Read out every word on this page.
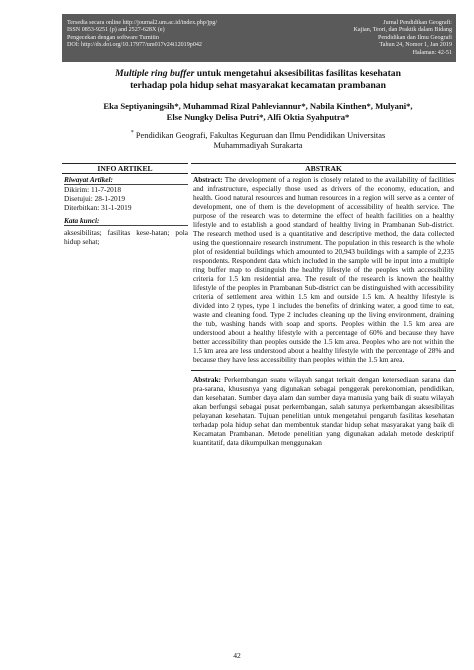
Tersedia secara online http://journal2.um.ac.id/index.php/jpg/
ISSN 0853-9251 (p) and 2527-628X (e)
Pengecekan dengan software Turnitin
DOI: http://dx.doi.org/10.17977/um017v24i12019p042
Jurnal Pendidikan Geografi:
Kajian, Teori, dan Praktik dalam Bidang
Pendidikan dan Ilmu Geografi
Tahun 24, Nomor 1, Jan 2019
Halaman: 42-51
Multiple ring buffer untuk mengetahui aksesibilitas fasilitas kesehatan
terhadap pola hidup sehat masyarakat kecamatan prambanan
Eka Septiyaningsih*, Muhammad Rizal Pahleviannur*, Nabila Kinthen*, Mulyani*,
Else Nungky Delisa Putri*, Alfi Oktia Syahputra*
* Pendidikan Geografi, Fakultas Keguruan dan Ilmu Pendidikan Universitas
Muhammadiyah Surakarta
INFO ARTIKEL
Riwayat Artikel:
Dikirim: 11-7-2018
Disetujui: 28-1-2019
Diterbitkan: 31-1-2019
Kata kunci:
aksesibilitas; fasilitas kese-hatan; pola hidup sehat;
ABSTRAK
Abstract: The development of a region is closely related to the availability of facilities and infrastructure, especially those used as drivers of the economy, education, and health. Good natural resources and human resources in a region will serve as a center of development, one of them is the development of accessibility of health service. The purpose of the research was to determine the effect of health facilities on a healthy lifestyle and to establish a good standard of healthy living in Prambanan Sub-district. The research method used is a quantitative and descriptive method, the data collected using the questionnaire research instrument. The population in this research is the whole plot of residential buildings which amounted to 20,943 buildings with a sample of 2,235 respondents. Respondent data which included in the sample will be input into a multiple ring buffer map to distinguish the healthy lifestyle of the peoples with accessibility criteria for 1.5 km residential area. The result of the research is known the healthy lifestyle of the peoples in Prambanan Sub-district can be distinguished with accessibility criteria of settlement area within 1.5 km and outside 1.5 km. A healthy lifestyle is divided into 2 types, type 1 includes the benefits of drinking water, a good time to eat, waste and cleaning food. Type 2 includes cleaning up the living environment, draining the tub, washing hands with soap and sports. Peoples within the 1.5 km area are understood about a healthy lifestyle with a percentage of 60% and because they have better accessibility than peoples outside the 1.5 km area. Peoples who are not within the 1.5 km area are less understood about a healthy lifestyle with the percentage of 28% and because they have less accessibility than peoples within the 1.5 km area.
Abstrak: Perkembangan suatu wilayah sangat terkait dengan ketersediaan sarana dan pra-sarana, khususnya yang digunakan sebagai penggerak perekonomian, pendidikan, dan kesehatan. Sumber daya alam dan sumber daya manusia yang baik di suatu wilayah akan berfungsi sebagai pusat perkembangan, salah satunya perkembangan aksesibilitas pelayanan kesehatan. Tujuan penelitian untuk mengetahui pengaruh fasilitas kesehatan terhadap pola hidup sehat dan membentuk standar hidup sehat masyarakat yang baik di Kecamatan Prambanan. Metode penelitian yang digunakan adalah metode deskriptif kuantitatif, data dikumpulkan menggunakan
42
